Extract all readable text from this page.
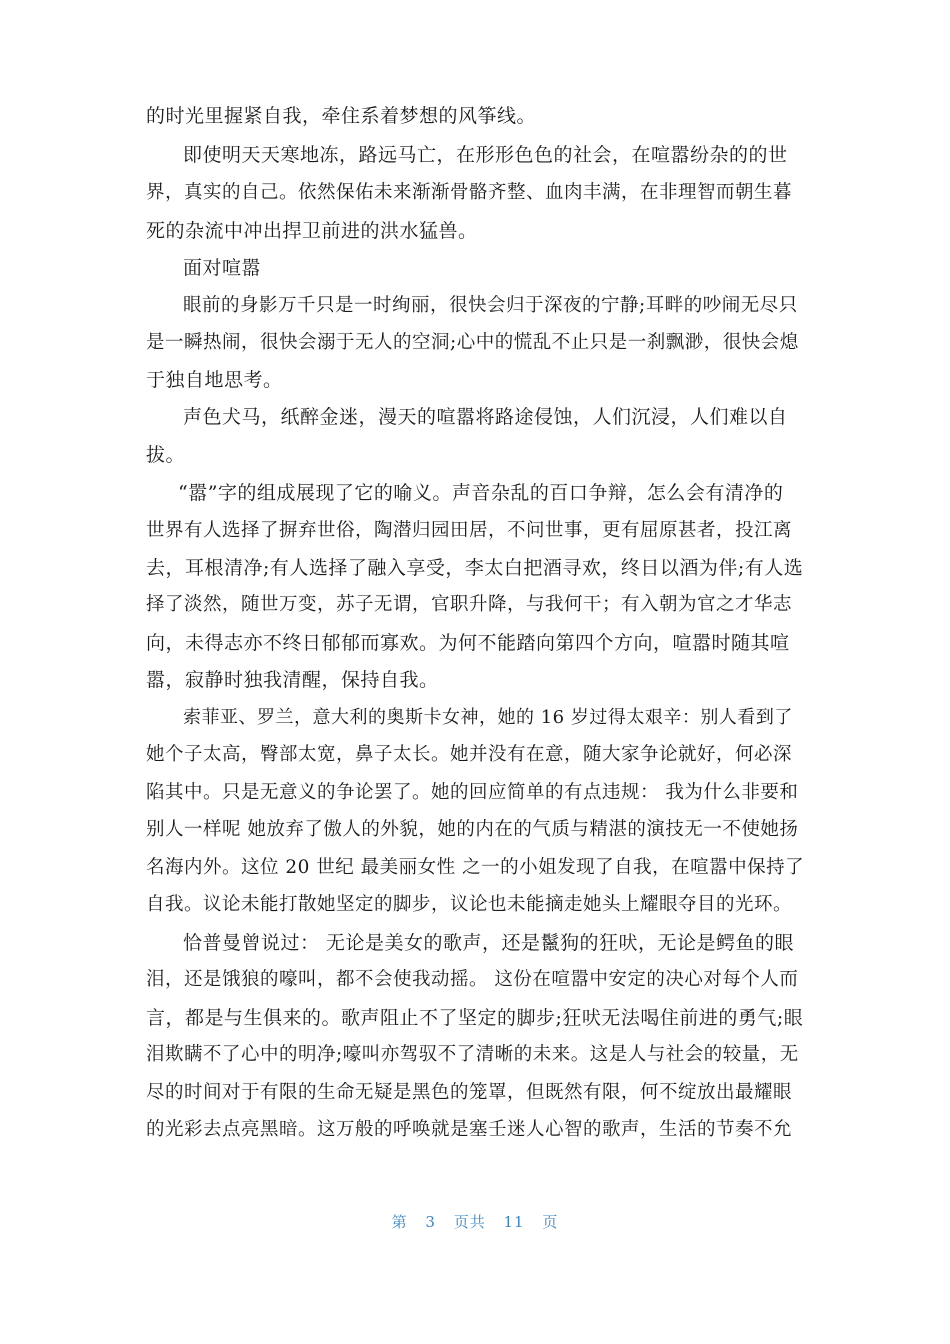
的时光里握紧自我，牵住系着梦想的风筝线。
即使明天天寒地冻，路远马亡，在形形色色的社会，在喧嚣纷杂的的世
界，真实的自己。依然保佑未来渐渐骨骼齐整、血肉丰满，在非理智而朝生暮
死的杂流中冲出捍卫前进的洪水猛兽。
面对喧嚣
眼前的身影万千只是一时绚丽，很快会归于深夜的宁静;耳畔的吵闹无尽只
是一瞬热闹，很快会溺于无人的空洞;心中的慌乱不止只是一刹飘渺，很快会熄
于独自地思考。
声色犬马，纸醉金迷，漫天的喧嚣将路途侵蚀，人们沉浸，人们难以自
拔。
“嚣”字的组成展现了它的喻义。声音杂乱的百口争辩，怎么会有清净的
世界有人选择了摒弃世俗，陶潜归园田居，不问世事，更有屈原甚者，投江离
去，耳根清净;有人选择了融入享受，李太白把酒寻欢，终日以酒为伴;有人选
择了淡然，随世万变，苏子无谓，官职升降，与我何干；有入朝为官之才华志
向，未得志亦不终日郁郁而寡欢。为何不能踏向第四个方向，喧嚣时随其喧
嚣，寂静时独我清醒，保持自我。
索菲亚、罗兰，意大利的奥斯卡女神，她的 16 岁过得太艰辛：别人看到了
她个子太高，臀部太宽，鼻子太长。她并没有在意，随大家争论就好，何必深
陷其中。只是无意义的争论罢了。她的回应简单的有点违规： 我为什么非要和
别人一样呢 她放弃了傲人的外貌，她的内在的气质与精湛的演技无一不使她扬
名海内外。这位 20 世纪 最美丽女性 之一的小姐发现了自我，在喧嚣中保持了
自我。议论未能打散她坚定的脚步，议论也未能摘走她头上耀眼夺目的光环。
恰普曼曾说过： 无论是美女的歌声，还是鬣狗的狂吠，无论是鳄鱼的眼
泪，还是饿狼的嚎叫，都不会使我动摇。 这份在喧嚣中安定的决心对每个人而
言，都是与生俱来的。歌声阻止不了坚定的脚步;狂吠无法喝住前进的勇气;眼
泪欺瞒不了心中的明净;嚎叫亦驾驭不了清晰的未来。这是人与社会的较量，无
尽的时间对于有限的生命无疑是黑色的笼罩，但既然有限，何不绽放出最耀眼
的光彩去点亮黑暗。这万般的呼唤就是塞壬迷人心智的歌声，生活的节奏不允
第 3 页共 11 页
